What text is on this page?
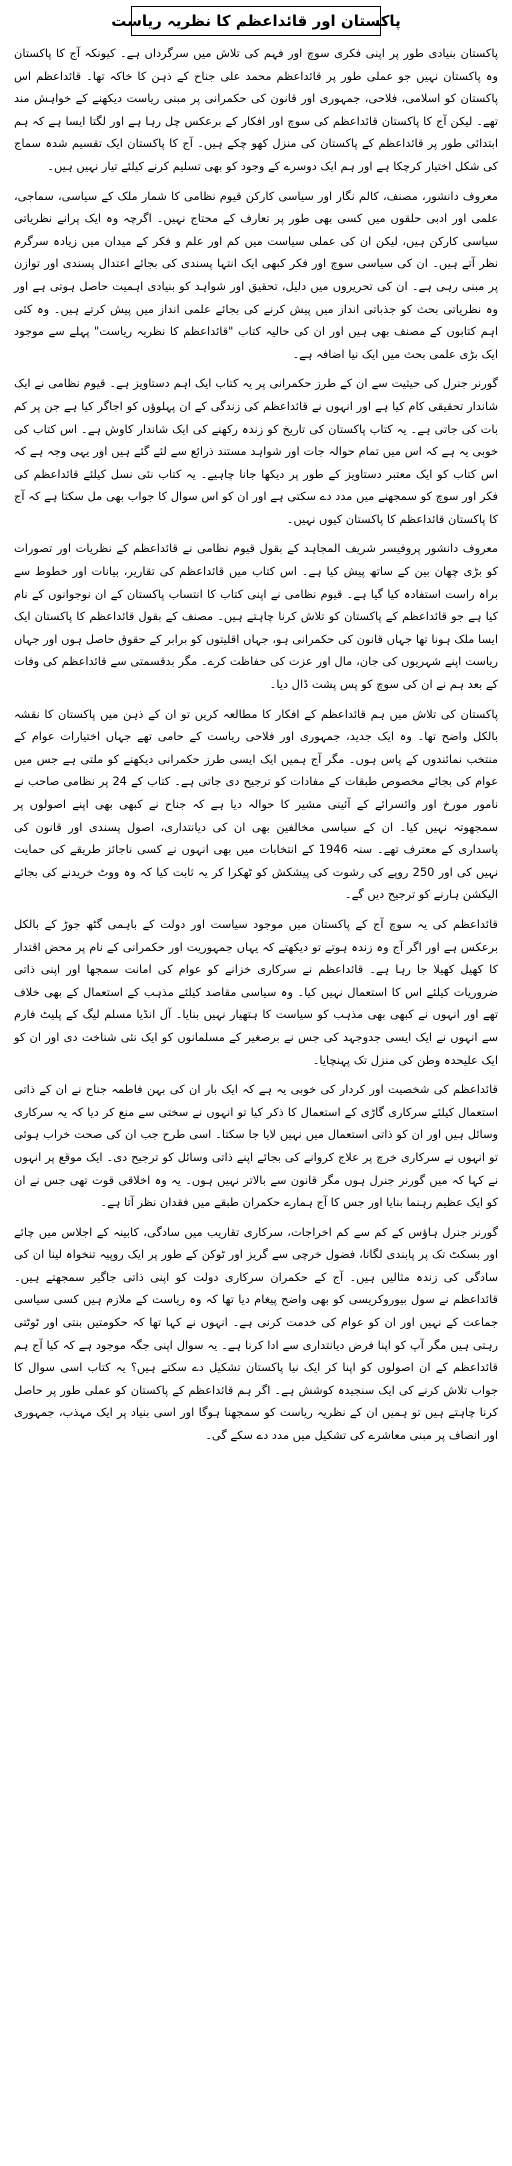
پاکستان اور قائداعظم کا نظریہ ریاست

پاکستان بنیادی طور پر اپنی فکری سوچ اور فہم کی تلاش میں سرگرداں ہے۔ کیونکہ آج کا پاکستان وہ پاکستان نہیں جو عملی طور پر قائداعظم محمد علی جناح کے ذہن کا خاکہ تھا۔ قائداعظم اس پاکستان کو اسلامی، فلاحی، جمہوری اور قانون کی حکمرانی پر مبنی ریاست دیکھنے کے خواہش مند تھے۔ لیکن آج کا پاکستان قائداعظم کی سوچ اور افکار کے برعکس چل رہا ہے اور لگتا ایسا ہے کہ ہم ابتدائی طور پر قائداعظم کے پاکستان کی منزل کھو چکے ہیں۔ آج کا پاکستان ایک تقسیم شدہ سماج کی شکل اختیار کرچکا ہے اور ہم ایک دوسرے کے وجود کو بھی تسلیم کرنے کیلئے تیار نہیں ہیں۔

معروف دانشور، مصنف، کالم نگار اور سیاسی کارکن قیوم نظامی کا شمار ملک کے سیاسی، سماجی، علمی اور ادبی حلقوں میں کسی بھی طور پر تعارف کے محتاج نہیں۔ اگرچہ وہ ایک پرانے نظریاتی سیاسی کارکن ہیں، لیکن ان کی عملی سیاست میں کم اور علم و فکر کے میدان میں زیادہ سرگرم نظر آتے ہیں۔ ان کی سیاسی سوچ اور فکر کبھی ایک انتہا پسندی کی بجائے اعتدال پسندی اور توازن پر مبنی رہی ہے۔ ان کی تحریروں میں دلیل، تحقیق اور شواہد کو بنیادی اہمیت حاصل ہوتی ہے اور وہ نظریاتی بحث کو جذباتی انداز میں پیش کرنے کی بجائے علمی انداز میں پیش کرتے ہیں۔ وہ کئی اہم کتابوں کے مصنف بھی ہیں اور ان کی حالیہ کتاب "قائداعظم کا نظریہ ریاست" پہلے سے موجود ایک بڑی علمی بحث میں ایک نیا اضافہ ہے۔

گورنر جنرل کی حیثیت سے ان کے طرز حکمرانی پر یہ کتاب ایک اہم دستاویز ہے۔ قیوم نظامی نے ایک شاندار تحقیقی کام کیا ہے اور انہوں نے قائداعظم کی زندگی کے ان پہلوؤں کو اجاگر کیا ہے جن پر کم بات کی جاتی ہے۔ یہ کتاب پاکستان کی تاریخ کو زندہ رکھنے کی ایک شاندار کاوش ہے۔ اس کتاب کی خوبی یہ ہے کہ اس میں تمام حوالہ جات اور شواہد مستند ذرائع سے لئے گئے ہیں اور یہی وجہ ہے کہ اس کتاب کو ایک معتبر دستاویز کے طور پر دیکھا جانا چاہیے۔ یہ کتاب نئی نسل کیلئے قائداعظم کی فکر اور سوچ کو سمجھنے میں مدد دے سکتی ہے اور ان کو اس سوال کا جواب بھی مل سکتا ہے کہ آج کا پاکستان قائداعظم کا پاکستان کیوں نہیں۔

معروف دانشور پروفیسر شریف المجاہد کے بقول قیوم نظامی نے قائداعظم کے نظریات اور تصورات کو بڑی چھان بین کے ساتھ پیش کیا ہے۔ اس کتاب میں قائداعظم کی تقاریر، بیانات اور خطوط سے براہ راست استفادہ کیا گیا ہے۔ قیوم نظامی نے اپنی کتاب کا انتساب پاکستان کے ان نوجوانوں کے نام کیا ہے جو قائداعظم کے پاکستان کو تلاش کرنا چاہتے ہیں۔ مصنف کے بقول قائداعظم کا پاکستان ایک ایسا ملک ہونا تھا جہاں قانون کی حکمرانی ہو، جہاں اقلیتوں کو برابر کے حقوق حاصل ہوں اور جہاں ریاست اپنے شہریوں کی جان، مال اور عزت کی حفاظت کرے۔ مگر بدقسمتی سے قائداعظم کی وفات کے بعد ہم نے ان کی سوچ کو پس پشت ڈال دیا۔

پاکستان کی تلاش میں ہم قائداعظم کے افکار کا مطالعہ کریں تو ان کے ذہن میں پاکستان کا نقشہ بالکل واضح تھا۔ وہ ایک جدید، جمہوری اور فلاحی ریاست کے حامی تھے جہاں اختیارات عوام کے منتخب نمائندوں کے پاس ہوں۔ مگر آج ہمیں ایک ایسی طرز حکمرانی دیکھنے کو ملتی ہے جس میں عوام کی بجائے مخصوص طبقات کے مفادات کو ترجیح دی جاتی ہے۔ کتاب کے 24 پر نظامی صاحب نے نامور مورخ اور وائسرائے کے آئینی مشیر کا حوالہ دیا ہے کہ جناح نے کبھی بھی اپنے اصولوں پر سمجھوتہ نہیں کیا۔ ان کے سیاسی مخالفین بھی ان کی دیانتداری، اصول پسندی اور قانون کی پاسداری کے معترف تھے۔ سنہ 1946 کے انتخابات میں بھی انہوں نے کسی ناجائز طریقے کی حمایت نہیں کی اور 250 روپے کی رشوت کی پیشکش کو ٹھکرا کر یہ ثابت کیا کہ وہ ووٹ خریدنے کی بجائے الیکشن ہارنے کو ترجیح دیں گے۔

قائداعظم کی یہ سوچ آج کے پاکستان میں موجود سیاست اور دولت کے باہمی گٹھ جوڑ کے بالکل برعکس ہے اور اگر آج وہ زندہ ہوتے تو دیکھتے کہ یہاں جمہوریت اور حکمرانی کے نام پر محض اقتدار کا کھیل کھیلا جا رہا ہے۔ قائداعظم نے سرکاری خزانے کو عوام کی امانت سمجھا اور اپنی ذاتی ضروریات کیلئے اس کا استعمال نہیں کیا۔ وہ سیاسی مقاصد کیلئے مذہب کے استعمال کے بھی خلاف تھے اور انہوں نے کبھی بھی مذہب کو سیاست کا ہتھیار نہیں بنایا۔ آل انڈیا مسلم لیگ کے پلیٹ فارم سے انہوں نے ایک ایسی جدوجہد کی جس نے برصغیر کے مسلمانوں کو ایک نئی شناخت دی اور ان کو ایک علیحدہ وطن کی منزل تک پہنچایا۔

قائداعظم کی شخصیت اور کردار کی خوبی یہ ہے کہ ایک بار ان کی بہن فاطمہ جناح نے ان کے ذاتی استعمال کیلئے سرکاری گاڑی کے استعمال کا ذکر کیا تو انہوں نے سختی سے منع کر دیا کہ یہ سرکاری وسائل ہیں اور ان کو ذاتی استعمال میں نہیں لایا جا سکتا۔ اسی طرح جب ان کی صحت خراب ہوئی تو انہوں نے سرکاری خرچ پر علاج کروانے کی بجائے اپنے ذاتی وسائل کو ترجیح دی۔ ایک موقع پر انہوں نے کہا کہ میں گورنر جنرل ہوں مگر قانون سے بالاتر نہیں ہوں۔ یہ وہ اخلاقی قوت تھی جس نے ان کو ایک عظیم رہنما بنایا اور جس کا آج ہمارے حکمران طبقے میں فقدان نظر آتا ہے۔

گورنر جنرل ہاؤس کے کم سے کم اخراجات، سرکاری تقاریب میں سادگی، کابینہ کے اجلاس میں چائے اور بسکٹ تک پر پابندی لگانا، فضول خرچی سے گریز اور ٹوکن کے طور پر ایک روپیہ تنخواہ لینا ان کی سادگی کی زندہ مثالیں ہیں۔ آج کے حکمران سرکاری دولت کو اپنی ذاتی جاگیر سمجھتے ہیں۔ قائداعظم نے سول بیوروکریسی کو بھی واضح پیغام دیا تھا کہ وہ ریاست کے ملازم ہیں کسی سیاسی جماعت کے نہیں اور ان کو عوام کی خدمت کرنی ہے۔ انہوں نے کہا تھا کہ حکومتیں بنتی اور ٹوٹتی رہتی ہیں مگر آپ کو اپنا فرض دیانتداری سے ادا کرنا ہے۔ یہ سوال اپنی جگہ موجود ہے کہ کیا آج ہم قائداعظم کے ان اصولوں کو اپنا کر ایک نیا پاکستان تشکیل دے سکتے ہیں؟ یہ کتاب اسی سوال کا جواب تلاش کرنے کی ایک سنجیدہ کوشش ہے۔ اگر ہم قائداعظم کے پاکستان کو عملی طور پر حاصل کرنا چاہتے ہیں تو ہمیں ان کے نظریہ ریاست کو سمجھنا ہوگا اور اسی بنیاد پر ایک مہذب، جمہوری اور انصاف پر مبنی معاشرے کی تشکیل میں مدد دے سکے گی۔
